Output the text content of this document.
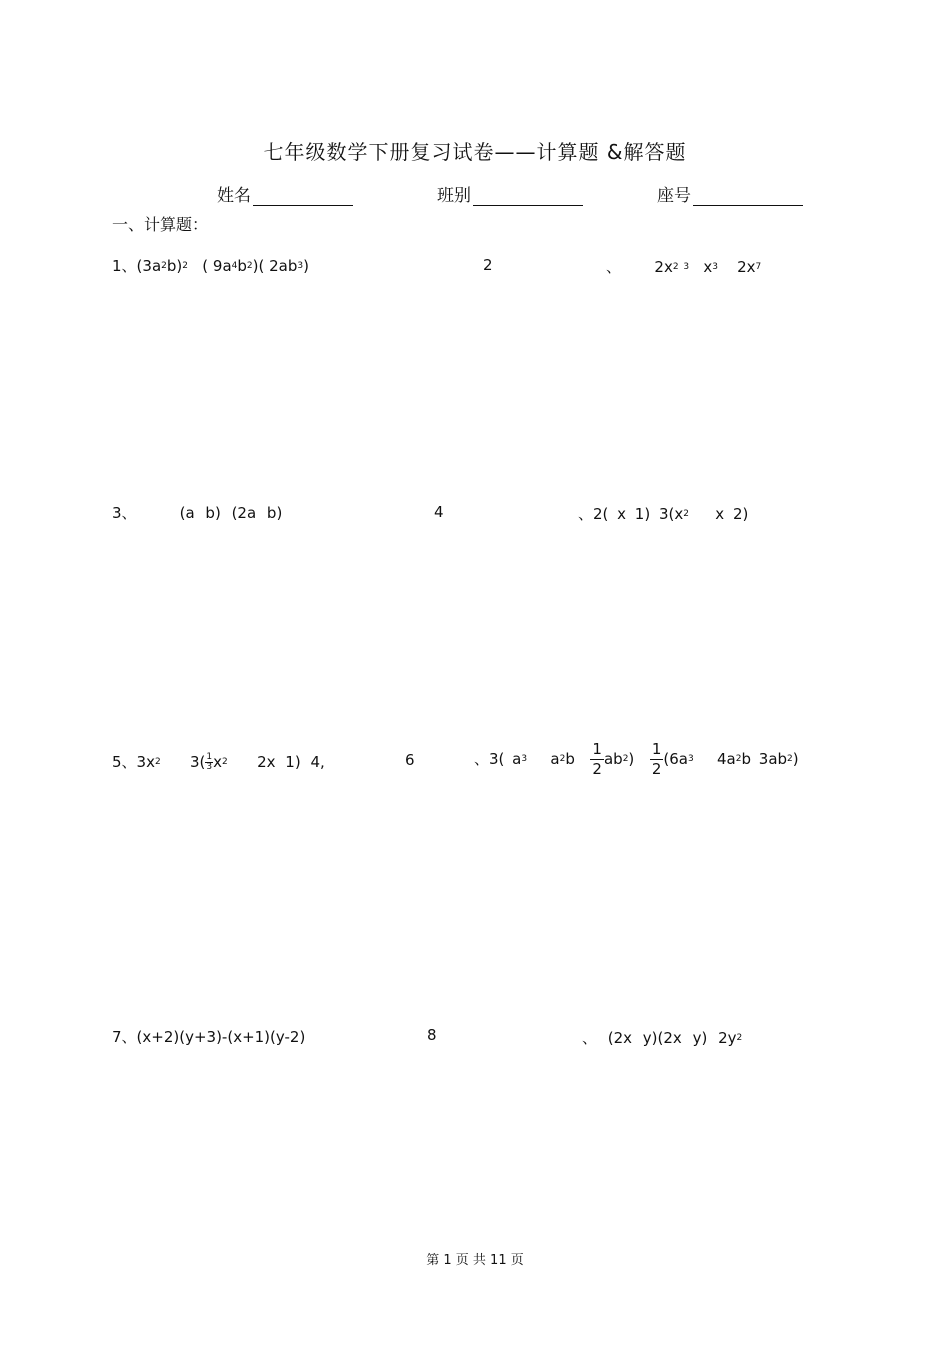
七年级数学下册复习试卷——计算题 &解答题
姓名	班别	座号
一、计算题：
1、$(3a^2b)^2$ ( $9a^4b^2$)( $2ab^3$)	2	、 $2x^2$ $^3$ $x^3$ $2x^7$
3、	(a b) (2a b)	4	、2( x 1) $3(x^2$ x 2)
5、$3x^2$ $3( \frac{1}{3} x^2$ 2x 1) 4,	6	、3( $a^3$ $a^2b \frac{1}{2} ab^2) \frac{1}{2} (6a^3$ $4a^2b$ $3ab^2$)
7、(x+2)(y+3)-(x+1)(y-2)	8	、 (2x y)(2x y) $2y^2$
第 1 页 共 11 页
